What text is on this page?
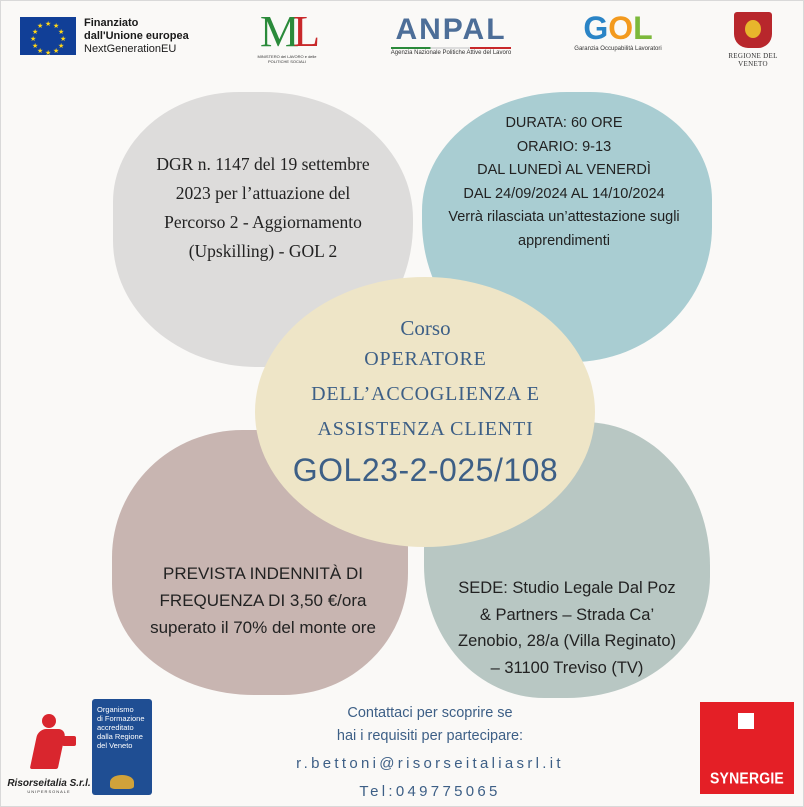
★ ★
★
★
★
★
★
★
★
★
★
★	Finanziato
dall'Unione europea
NextGenerationEU ML
MINISTERO del LAVORO e delle POLITICHE SOCIALI
ANPAL
Agenzia Nazionale Politiche Attive del Lavoro
GOL
Garanzia Occupabilità Lavoratori
REGIONE DEL VENETO
DGR n. 1147 del 19 settembre
2023 per l’attuazione del
Percorso 2 - Aggiornamento
(Upskilling) - GOL 2
DURATA: 60 ORE
ORARIO: 9-13
DAL LUNEDÌ AL VENERDÌ
DAL 24/09/2024 AL 14/10/2024
Verrà rilasciata un’attestazione sugli
apprendimenti
Corso
OPERATORE
DELL’ACCOGLIENZA E
ASSISTENZA CLIENTI
GOL23-2-025/108
PREVISTA INDENNITÀ DI
FREQUENZA DI 3,50 €/ora
superato il 70% del monte ore
SEDE: Studio Legale Dal Poz
& Partners – Strada Ca’
Zenobio, 28/a (Villa Reginato)
– 31100 Treviso (TV)
Risorseitalia S.r.l.
UNIPERSONALE
Organismo
di Formazione
accreditato
dalla Regione
del Veneto
Contattaci per scoprire se
hai i requisiti per partecipare:
r.bettoni@risorseitaliasrl.it
Tel:049775065
SYNERGIE
